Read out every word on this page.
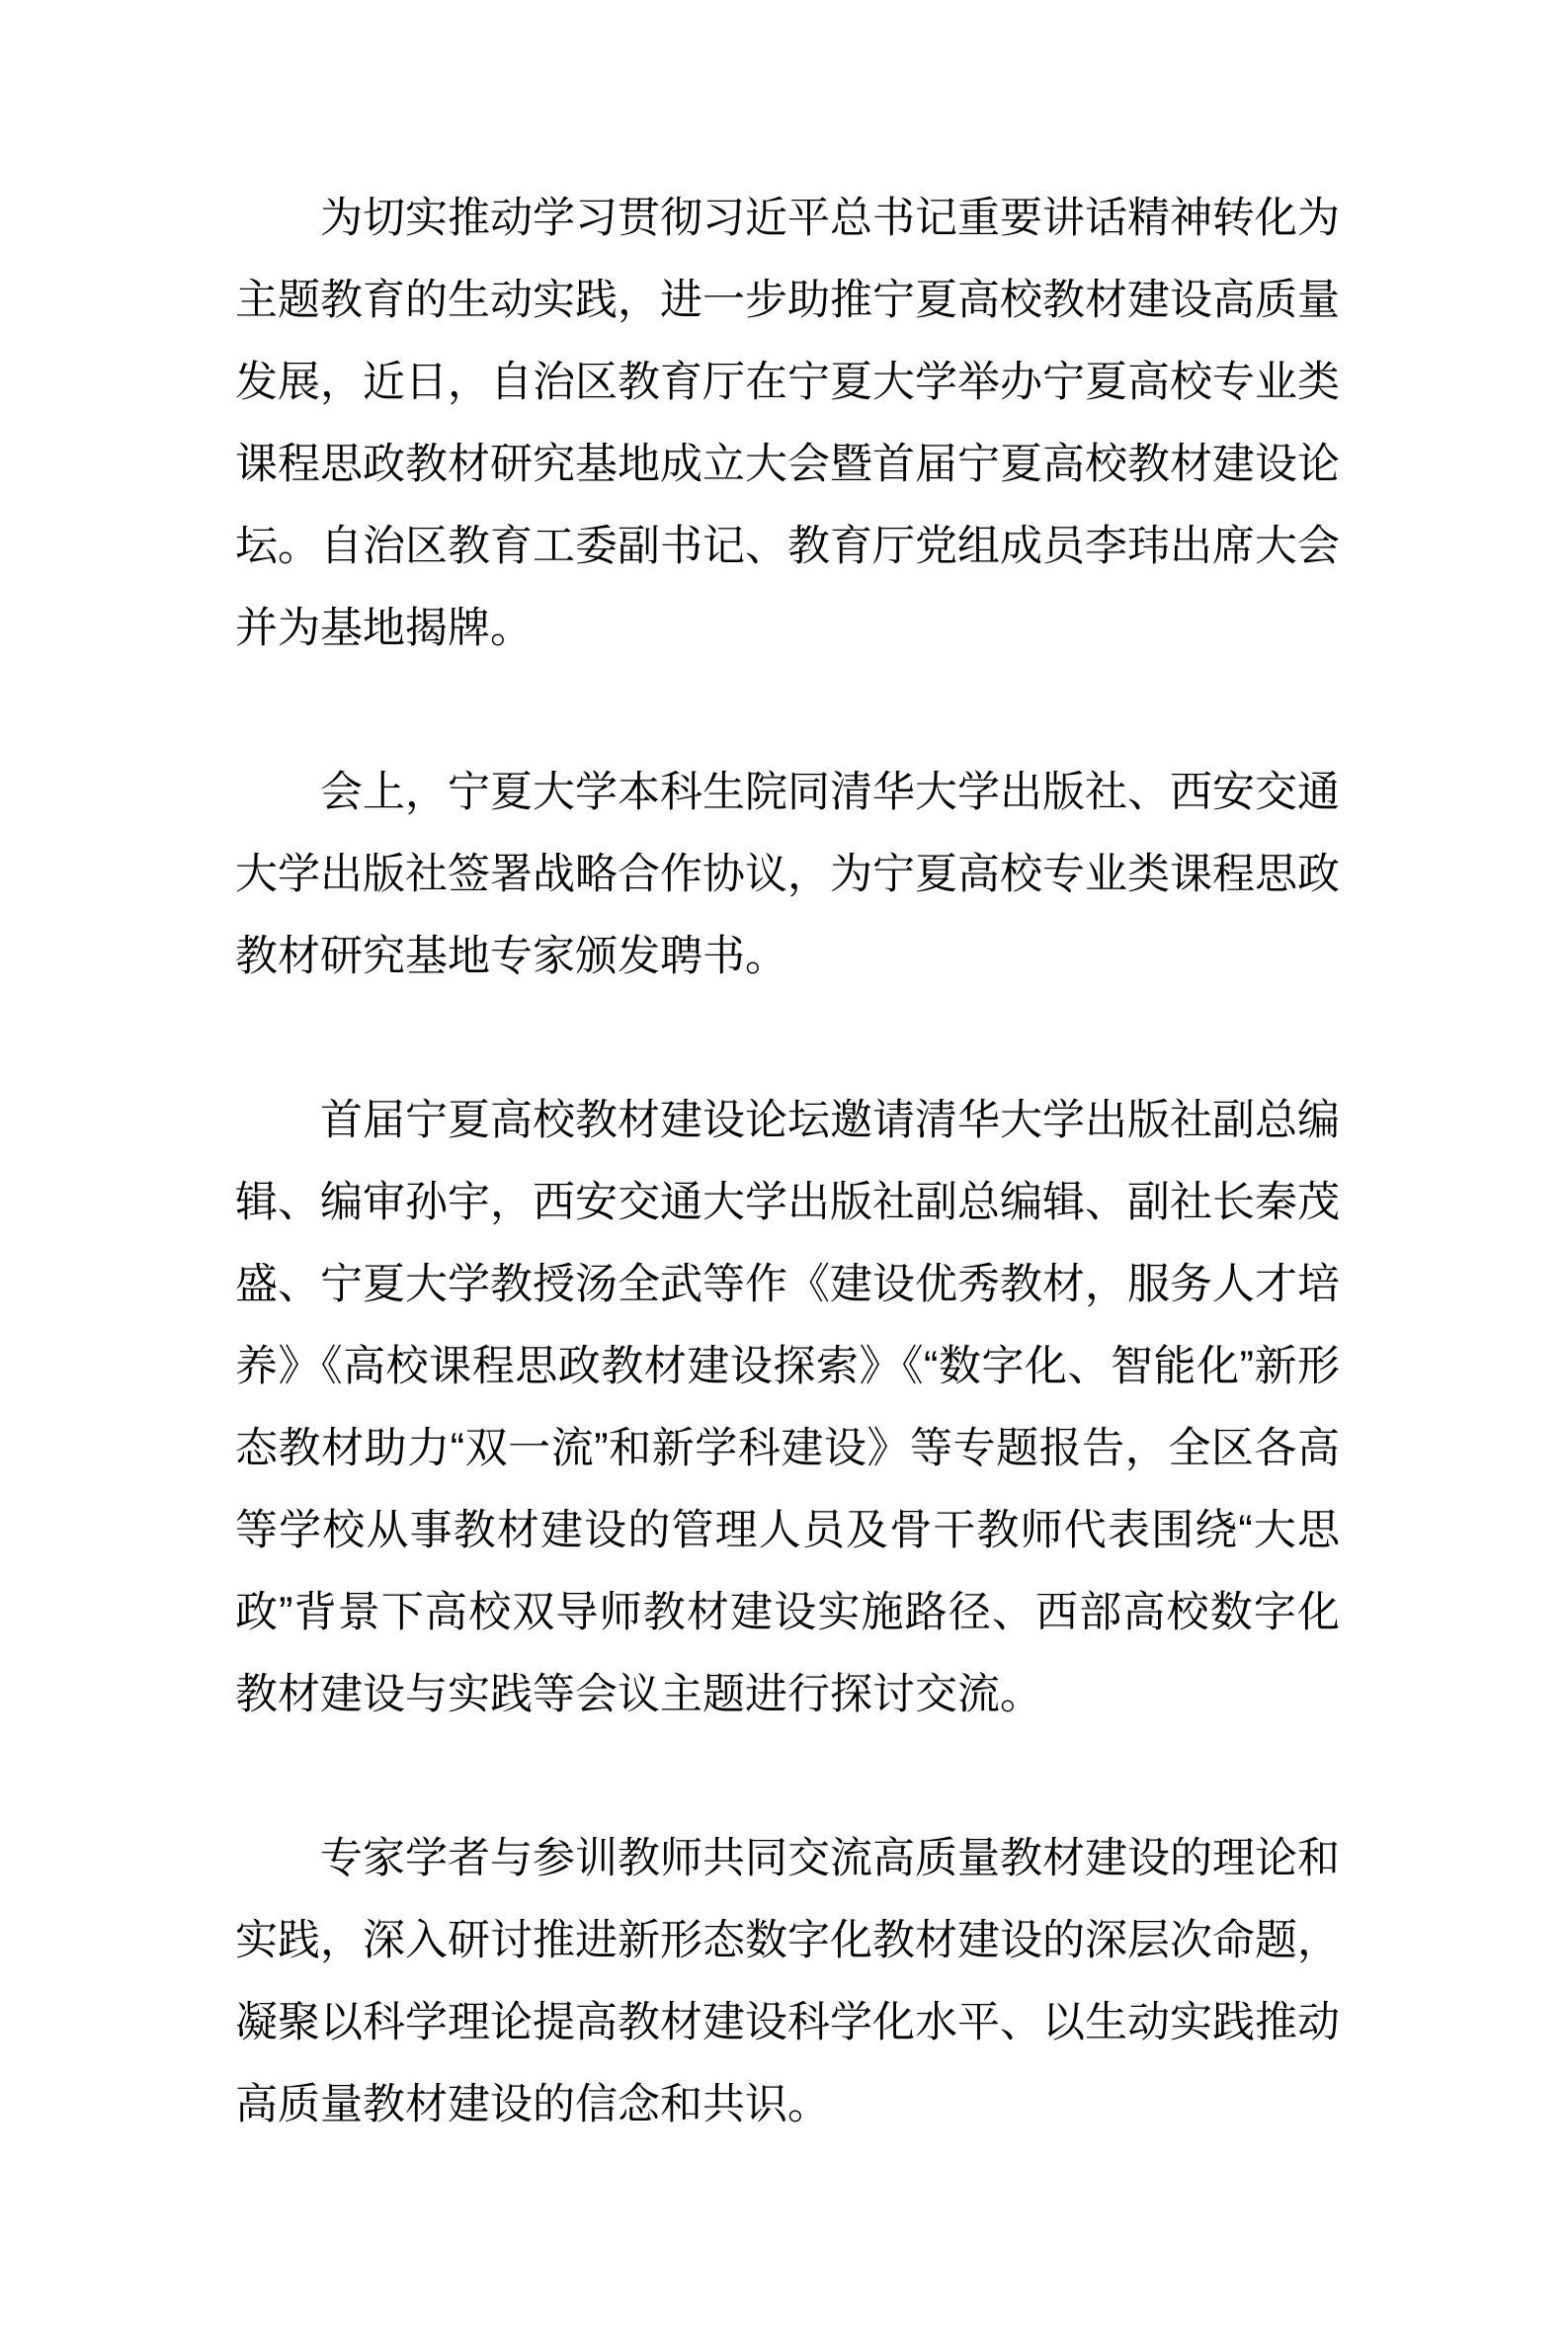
为切实推动学习贯彻习近平总书记重要讲话精神转化为主题教育的生动实践，进一步助推宁夏高校教材建设高质量发展，近日，自治区教育厅在宁夏大学举办宁夏高校专业类课程思政教材研究基地成立大会暨首届宁夏高校教材建设论坛。自治区教育工委副书记、教育厅党组成员李玮出席大会并为基地揭牌。

会上，宁夏大学本科生院同清华大学出版社、西安交通大学出版社签署战略合作协议，为宁夏高校专业类课程思政教材研究基地专家颁发聘书。

首届宁夏高校教材建设论坛邀请清华大学出版社副总编辑、编审孙宇，西安交通大学出版社副总编辑、副社长秦茂盛、宁夏大学教授汤全武等作《建设优秀教材，服务人才培养》《高校课程思政教材建设探索》《“数字化、智能化”新形态教材助力“双一流”和新学科建设》等专题报告，全区各高等学校从事教材建设的管理人员及骨干教师代表围绕“大思政”背景下高校双导师教材建设实施路径、西部高校数字化教材建设与实践等会议主题进行探讨交流。

专家学者与参训教师共同交流高质量教材建设的理论和实践，深入研讨推进新形态数字化教材建设的深层次命题，凝聚以科学理论提高教材建设科学化水平、以生动实践推动高质量教材建设的信念和共识。
